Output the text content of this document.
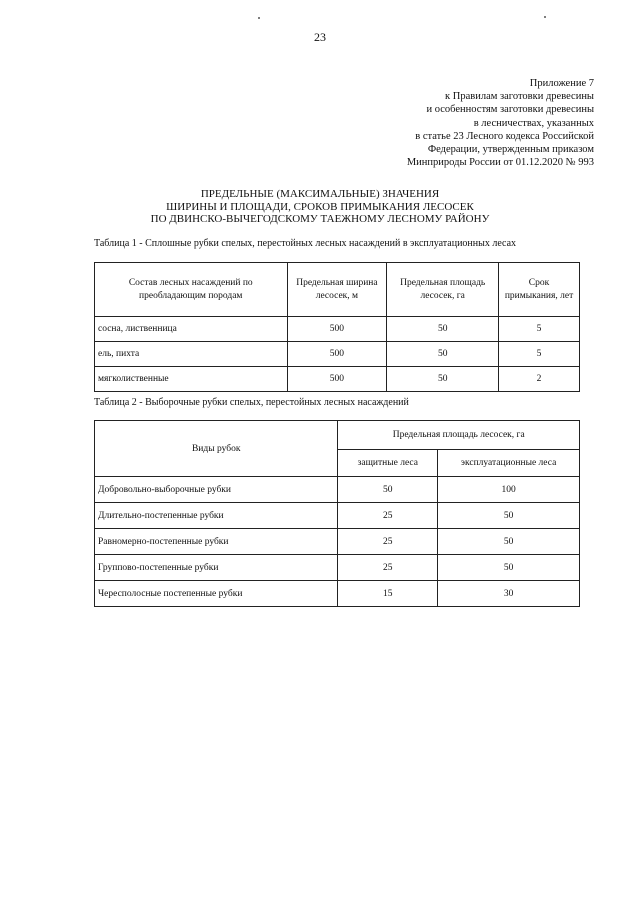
23
Приложение 7
к Правилам заготовки древесины
и особенностям заготовки древесины
в лесничествах, указанных
в статье 23 Лесного кодекса Российской
Федерации, утвержденным приказом
Минприроды России от 01.12.2020 № 993
ПРЕДЕЛЬНЫЕ (МАКСИМАЛЬНЫЕ) ЗНАЧЕНИЯ
ШИРИНЫ И ПЛОЩАДИ, СРОКОВ ПРИМЫКАНИЯ ЛЕСОСЕК
ПО ДВИНСКО-ВЫЧЕГОДСКОМУ ТАЕЖНОМУ ЛЕСНОМУ РАЙОНУ
Таблица 1 - Сплошные рубки спелых, перестойных лесных насаждений в эксплуатационных лесах
Состав лесных насаждений по преобладающим породам	Предельная ширина лесосек, м	Предельная площадь лесосек, га	Срок примыкания, лет
сосна, лиственница	500	50	5
ель, пихта	500	50	5
мягколиственные	500	50	2
Таблица 2 - Выборочные рубки спелых, перестойных лесных насаждений
Виды рубок	Предельная площадь лесосек, га	
	защитные леса	эксплуатационные леса
Добровольно-выборочные рубки	50	100
Длительно-постепенные рубки	25	50
Равномерно-постепенные рубки	25	50
Группово-постепенные рубки	25	50
Чересполосные постепенные рубки	15	30
